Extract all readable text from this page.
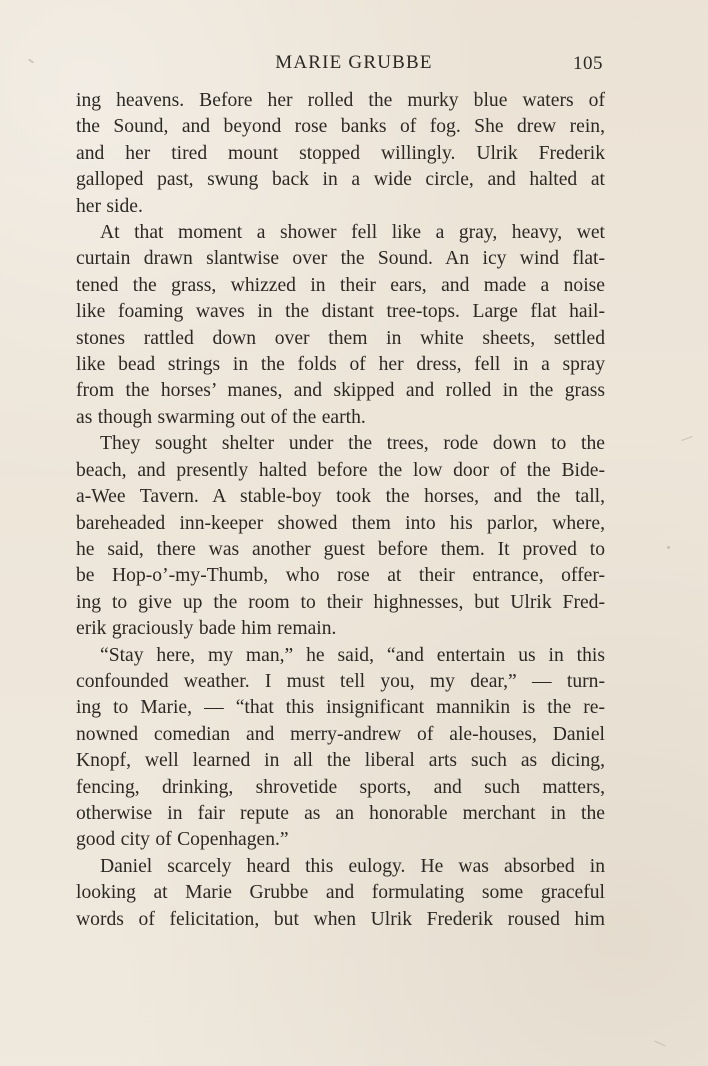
MARIE GRUBBE	105
ing heavens. Before her rolled the murky blue waters of
the Sound, and beyond rose banks of fog. She drew rein,
and her tired mount stopped willingly. Ulrik Frederik
galloped past, swung back in a wide circle, and halted at
her side.
At that moment a shower fell like a gray, heavy, wet
curtain drawn slantwise over the Sound. An icy wind flat-
tened the grass, whizzed in their ears, and made a noise
like foaming waves in the distant tree-tops. Large flat hail-
stones rattled down over them in white sheets, settled
like bead strings in the folds of her dress, fell in a spray
from the horses’ manes, and skipped and rolled in the grass
as though swarming out of the earth.
They sought shelter under the trees, rode down to the
beach, and presently halted before the low door of the Bide-
a-Wee Tavern. A stable-boy took the horses, and the tall,
bareheaded inn-keeper showed them into his parlor, where,
he said, there was another guest before them. It proved to
be Hop-o’-my-Thumb, who rose at their entrance, offer-
ing to give up the room to their highnesses, but Ulrik Fred-
erik graciously bade him remain.
“Stay here, my man,” he said, “and entertain us in this
confounded weather. I must tell you, my dear,” — turn-
ing to Marie, — “that this insignificant mannikin is the re-
nowned comedian and merry-andrew of ale-houses, Daniel
Knopf, well learned in all the liberal arts such as dicing,
fencing, drinking, shrovetide sports, and such matters,
otherwise in fair repute as an honorable merchant in the
good city of Copenhagen.”
Daniel scarcely heard this eulogy. He was absorbed in
looking at Marie Grubbe and formulating some graceful
words of felicitation, but when Ulrik Frederik roused him
